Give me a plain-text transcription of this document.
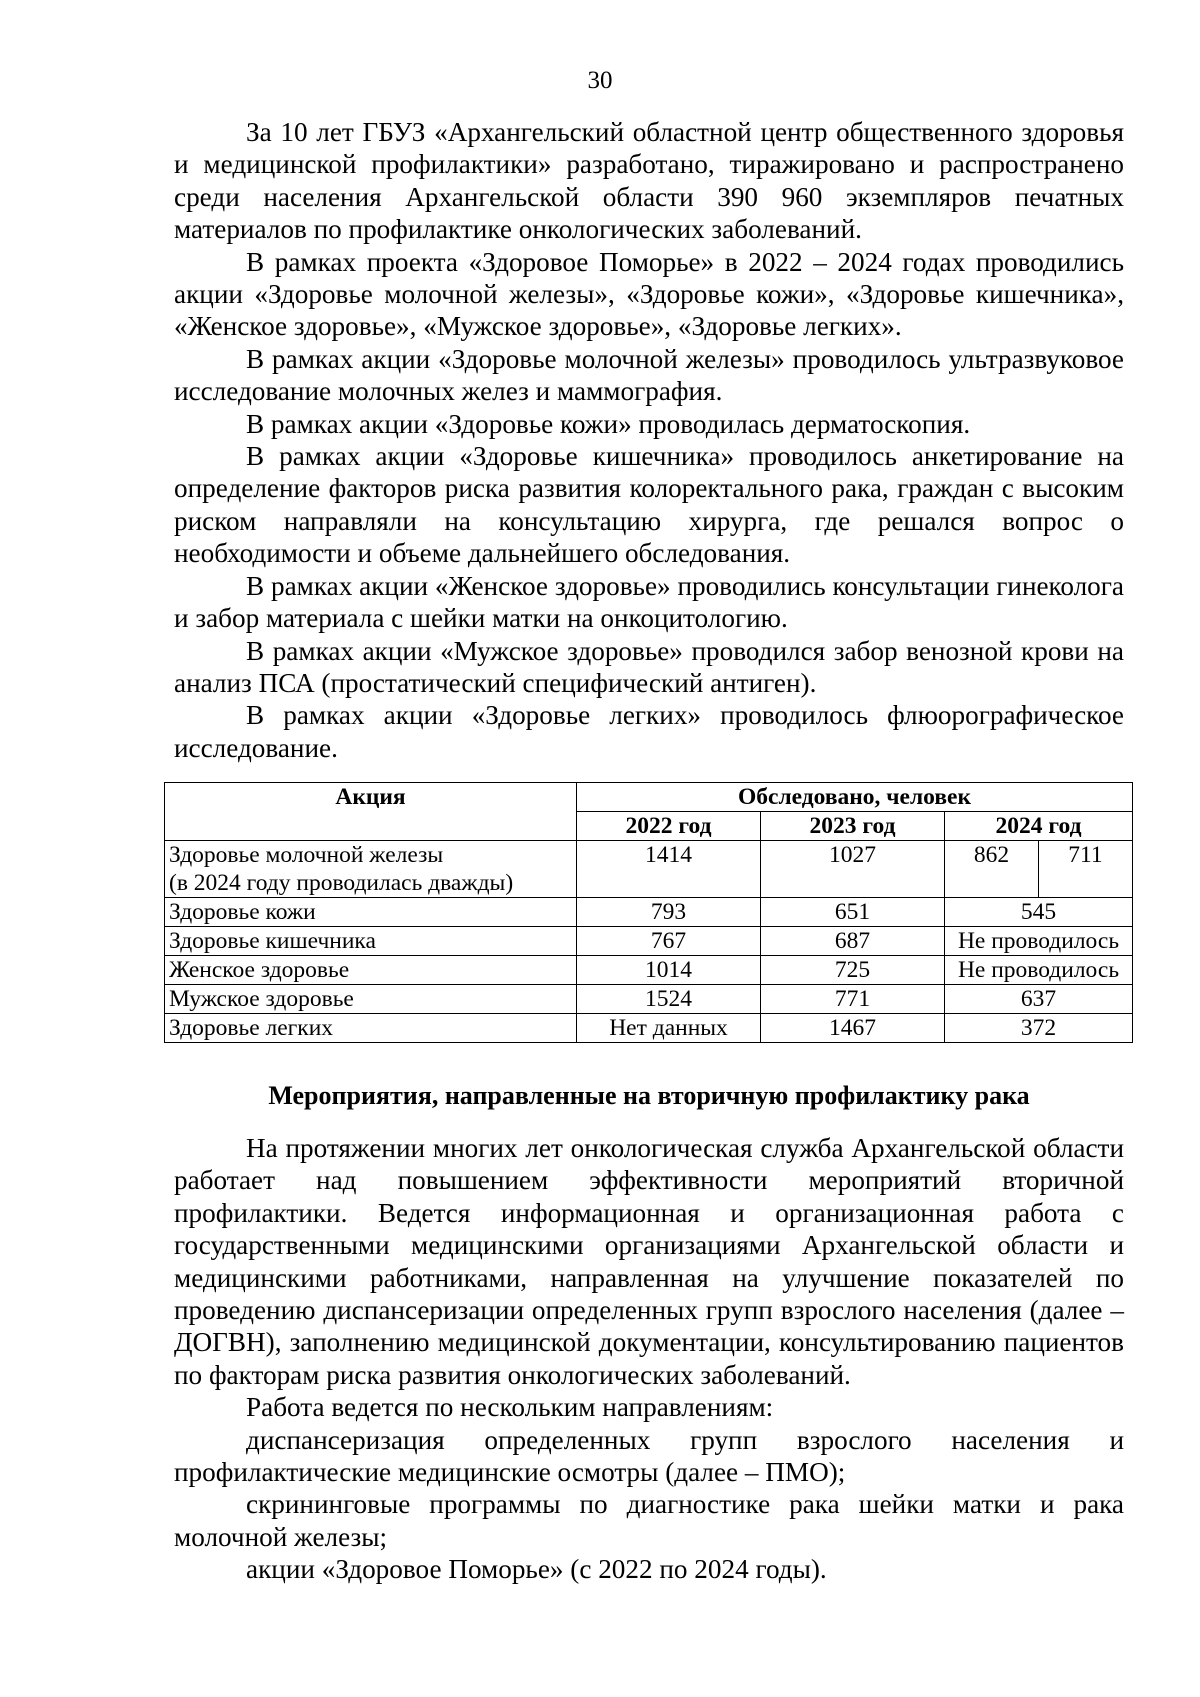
30

За 10 лет ГБУЗ «Архангельский областной центр общественного здоровья и медицинской профилактики» разработано, тиражировано и распространено среди населения Архангельской области 390 960 экземпляров печатных материалов по профилактике онкологических заболеваний.

В рамках проекта «Здоровое Поморье» в 2022 – 2024 годах проводились акции «Здоровье молочной железы», «Здоровье кожи», «Здоровье кишечника», «Женское здоровье», «Мужское здоровье», «Здоровье легких».

В рамках акции «Здоровье молочной железы» проводилось ультразвуковое исследование молочных желез и маммография.

В рамках акции «Здоровье кожи» проводилась дерматоскопия.

В рамках акции «Здоровье кишечника» проводилось анкетирование на определение факторов риска развития колоректального рака, граждан с высоким риском направляли на консультацию хирурга, где решался вопрос о необходимости и объеме дальнейшего обследования.

В рамках акции «Женское здоровье» проводились консультации гинеколога и забор материала с шейки матки на онкоцитологию.

В рамках акции «Мужское здоровье» проводился забор венозной крови на анализ ПСА (простатический специфический антиген).

В рамках акции «Здоровье легких» проводилось флюорографическое исследование.

Акция	Обследовано, человек			
	2022 год	2023 год	2024 год	
Здоровье молочной железы
(в 2024 году проводилась дважды)	1414	1027	862	711
Здоровье кожи	793	651	545	
Здоровье кишечника	767	687	Не проводилось	
Женское здоровье	1014	725	Не проводилось	
Мужское здоровье	1524	771	637	
Здоровье легких	Нет данных	1467	372	
Мероприятия, направленные на вторичную профилактику рака

На протяжении многих лет онкологическая служба Архангельской области работает над повышением эффективности мероприятий вторичной профилактики. Ведется информационная и организационная работа с государственными медицинскими организациями Архангельской области и медицинскими работниками, направленная на улучшение показателей по проведению диспансеризации определенных групп взрослого населения (далее – ДОГВН), заполнению медицинской документации, консультированию пациентов по факторам риска развития онкологических заболеваний.

Работа ведется по нескольким направлениям:

диспансеризация определенных групп взрослого населения и профилактические медицинские осмотры (далее – ПМО);

скрининговые программы по диагностике рака шейки матки и рака молочной железы;

акции «Здоровое Поморье» (с 2022 по 2024 годы).
